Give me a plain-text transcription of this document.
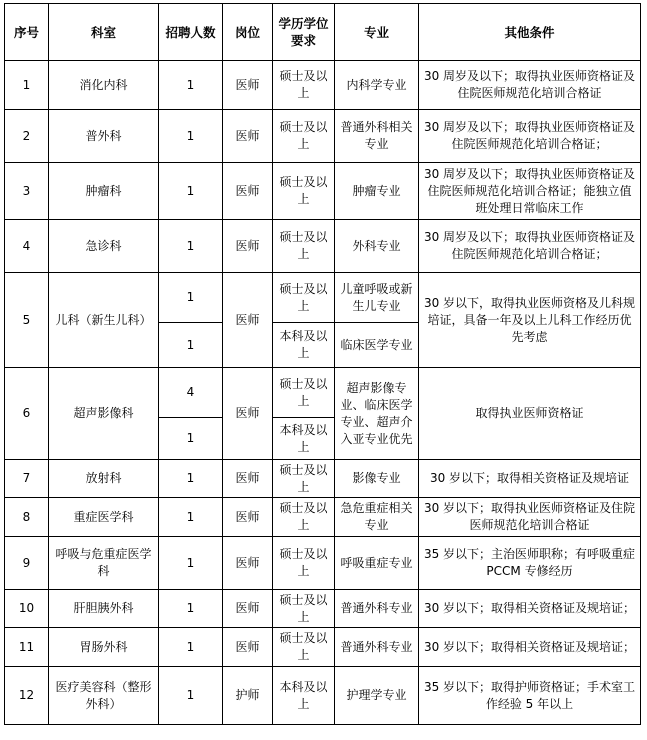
序号	科室	招聘人数	岗位	学历学位要求	专业	其他条件
1	消化内科	1	医师	硕士及以上	内科学专业	30 周岁及以下；取得执业医师资格证及住院医师规范化培训合格证
2	普外科	1	医师	硕士及以上	普通外科相关专业	30 周岁及以下；取得执业医师资格证及住院医师规范化培训合格证；
3	肿瘤科	1	医师	硕士及以上	肿瘤专业	30 周岁及以下；取得执业医师资格证及住院医师规范化培训合格证；能独立值班处理日常临床工作
4	急诊科	1	医师	硕士及以上	外科专业	30 周岁及以下；取得执业医师资格证及住院医师规范化培训合格证；
5	儿科（新生儿科）	1	医师	硕士及以上	儿童呼吸或新生儿专业	30 岁以下，取得执业医师资格及儿科规培证，具备一年及以上儿科工作经历优先考虑
		1		本科及以上	临床医学专业	
6	超声影像科	4	医师	硕士及以上	超声影像专业、临床医学专业、超声介入亚专业优先	取得执业医师资格证
		1		本科及以上		
7	放射科	1	医师	硕士及以上	影像专业	30 岁以下；取得相关资格证及规培证
8	重症医学科	1	医师	硕士及以上	急危重症相关专业	30 岁以下；取得执业医师资格证及住院医师规范化培训合格证
9	呼吸与危重症医学科	1	医师	硕士及以上	呼吸重症专业	35 岁以下；主治医师职称；有呼吸重症 PCCM 专修经历
10	肝胆胰外科	1	医师	硕士及以上	普通外科专业	30 岁以下；取得相关资格证及规培证；
11	胃肠外科	1	医师	硕士及以上	普通外科专业	30 岁以下；取得相关资格证及规培证；
12	医疗美容科（整形外科）	1	护师	本科及以上	护理学专业	35 岁以下；取得护师资格证；手术室工作经验 5 年以上
